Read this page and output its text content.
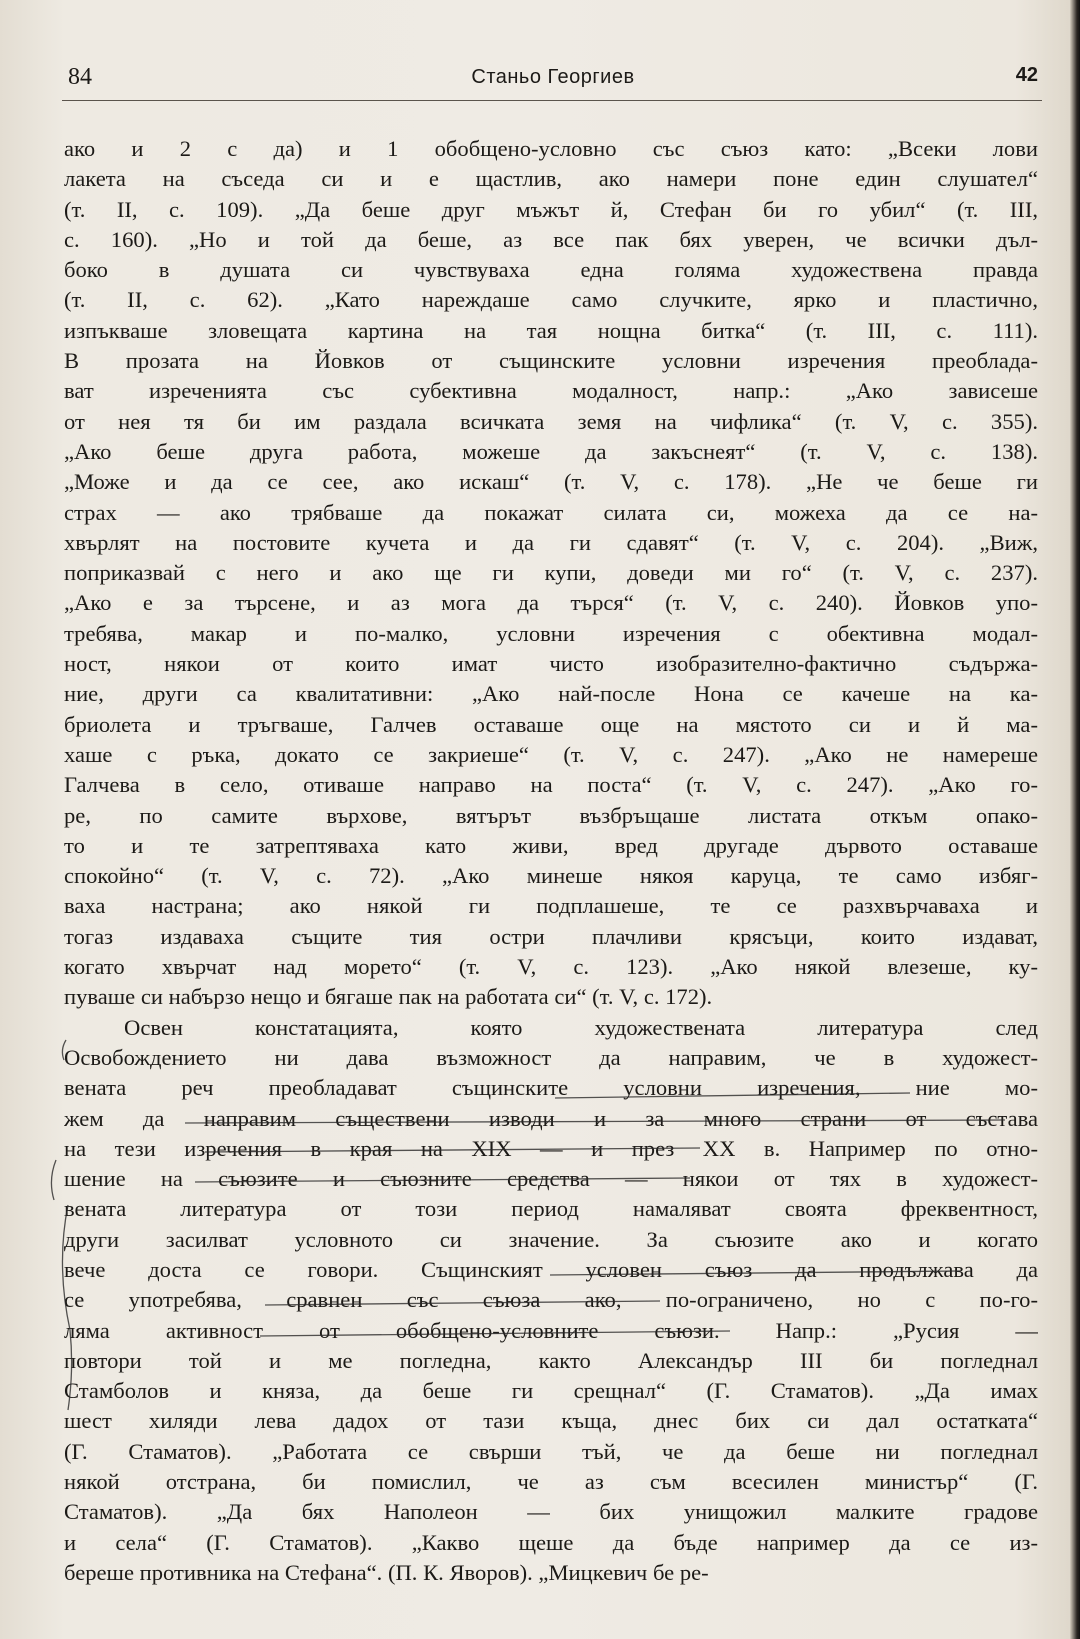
84	Станьо Георгиев	42
ако и 2 с да) и 1 обобщено-условно със съюз като: „Всеки лови
лакета на съседа си и е щастлив, ако намери поне един слушател“
(т. II, с. 109). „Да беше друг мъжът й, Стефан би го убил“ (т. III,
с. 160). „Но и той да беше, аз все пак бях уверен, че всички дъл-
боко в душата си чувствуваха една голяма художествена правда
(т. II, с. 62). „Като нареждаше само случките, ярко и пластично,
изпъкваше зловещата картина на тая нощна битка“ (т. III, с. 111).
В прозата на Йовков от същинските условни изречения преоблада-
ват изреченията със субективна модалност, напр.: „Ако зависеше
от нея тя би им раздала всичката земя на чифлика“ (т. V, с. 355).
„Ако беше друга работа, можеше да закъснеят“ (т. V, с. 138).
„Може и да се сее, ако искаш“ (т. V, с. 178). „Не че беше ги
страх — ако трябваше да покажат силата си, можеха да се на-
хвърлят на постовите кучета и да ги сдавят“ (т. V, с. 204). „Виж,
поприказвай с него и ако ще ги купи, доведи ми го“ (т. V, с. 237).
„Ако е за търсене, и аз мога да търся“ (т. V, с. 240). Йовков упо-
требява, макар и по-малко, условни изречения с обективна модал-
ност, някои от които имат чисто изобразително-фактично съдържа-
ние, други са квалитативни: „Ако най-после Нона се качеше на ка-
бриолета и тръгваше, Галчев оставаше още на мястото си и й ма-
хаше с ръка, докато се закриеше“ (т. V, с. 247). „Ако не намереше
Галчева в село, отиваше направо на поста“ (т. V, с. 247). „Ако го-
ре, по самите върхове, вятърът възбръщаше листата откъм опако-
то и те затрептяваха като живи, вред другаде дървото оставаше
спокойно“ (т. V, с. 72). „Ако минеше някоя каруца, те само избяг-
ваха настрана; ако някой ги подплашеше, те се разхвърчаваха и
тогаз издаваха същите тия остри плачливи крясъци, които издават,
когато хвърчат над морето“ (т. V, с. 123). „Ако някой влезеше, ку-
пуваше си набързо нещо и бягаше пак на работата си“ (т. V, с. 172).
Освен констатацията, която художествената литература след
Освобождението ни дава възможност да направим, че в художест-
вената реч преобладават същинските условни изречения, ние мо-
жем да направим съществени изводи и за много страни от състава
на тези изречения в края на XIX — и през XX в. Например по отно-
шение на съюзите и съюзните средства — някои от тях в художест-
вената литература от този период намаляват своята фреквентност,
други засилват условното си значение. За съюзите ако и когато
вече доста се говори. Същинският условен съюз да продължава да
се употребява, сравнен със съюза ако, по-ограничено, но с по-го-
ляма активност от обобщено-условните съюзи. Напр.: „Русия —
повтори той и ме погледна, както Александър III би погледнал
Стамболов и княза, да беше ги срещнал“ (Г. Стаматов). „Да имах
шест хиляди лева дадох от тази къща, днес бих си дал остатката“
(Г. Стаматов). „Работата се свърши тъй, че да беше ни погледнал
някой отстрана, би помислил, че аз съм всесилен министър“ (Г.
Стаматов). „Да бях Наполеон — бих унищожил малките градове
и села“ (Г. Стаматов). „Какво щеше да бъде например да се из-
береше противника на Стефана“. (П. К. Яворов). „Мицкевич бе ре-
